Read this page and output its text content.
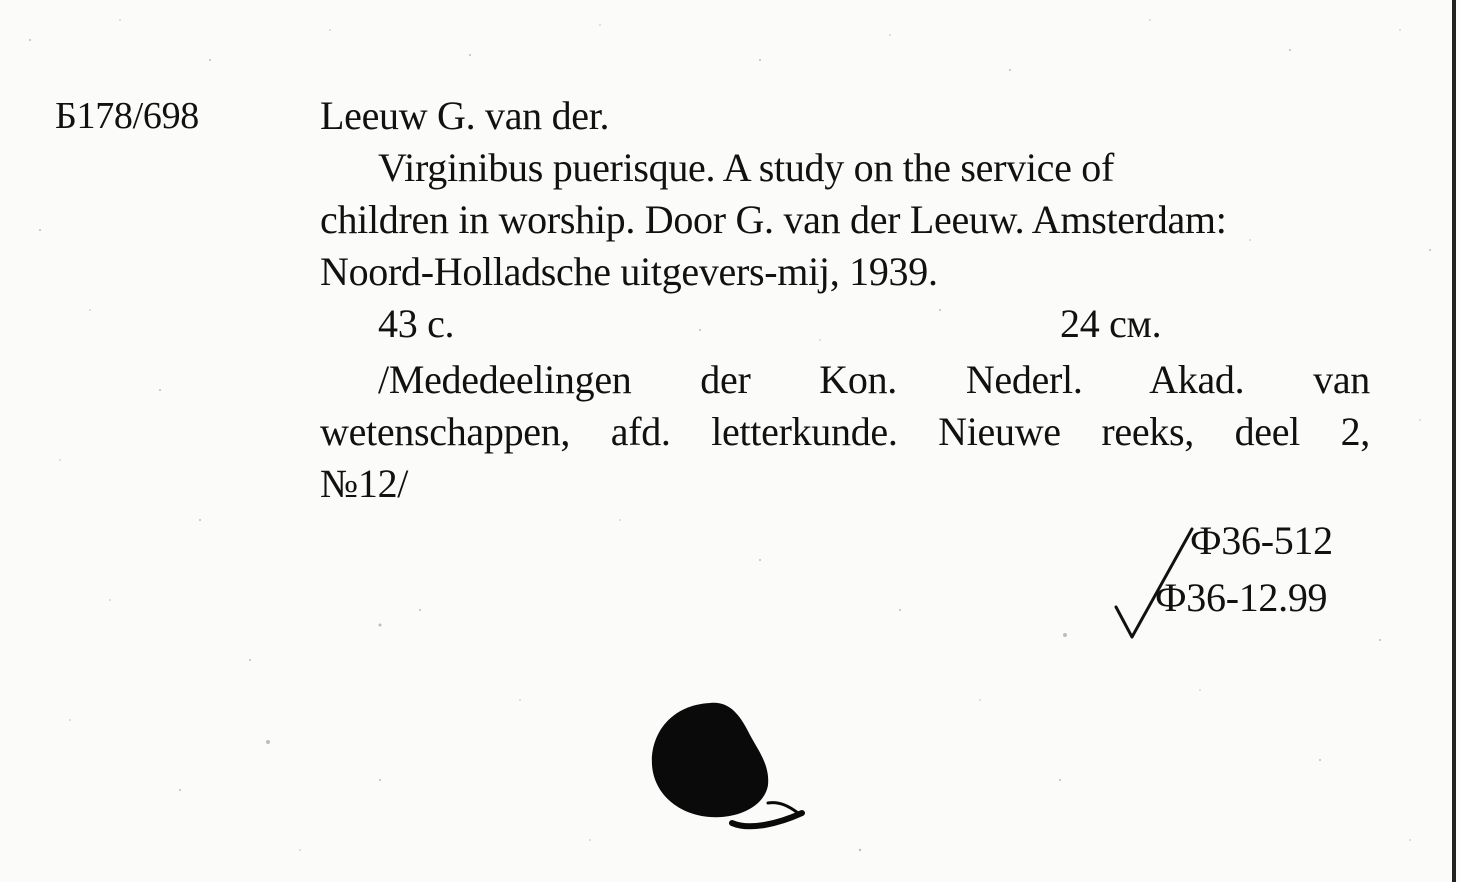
Б178/698	Leeuw G. van der.
Virginibus puerisque. A study on the service of
children in worship. Door G. van der Leeuw. Amsterdam:
Noord-Holladsche uitgevers-mij, 1939.
43 с.	24 см.
/Mededeelingen der Kon. Nederl. Akad. van
wetenschappen, afd. letterkunde. Nieuwe reeks, deel 2,
№12/
Ф36-512
Ф36-12.99
